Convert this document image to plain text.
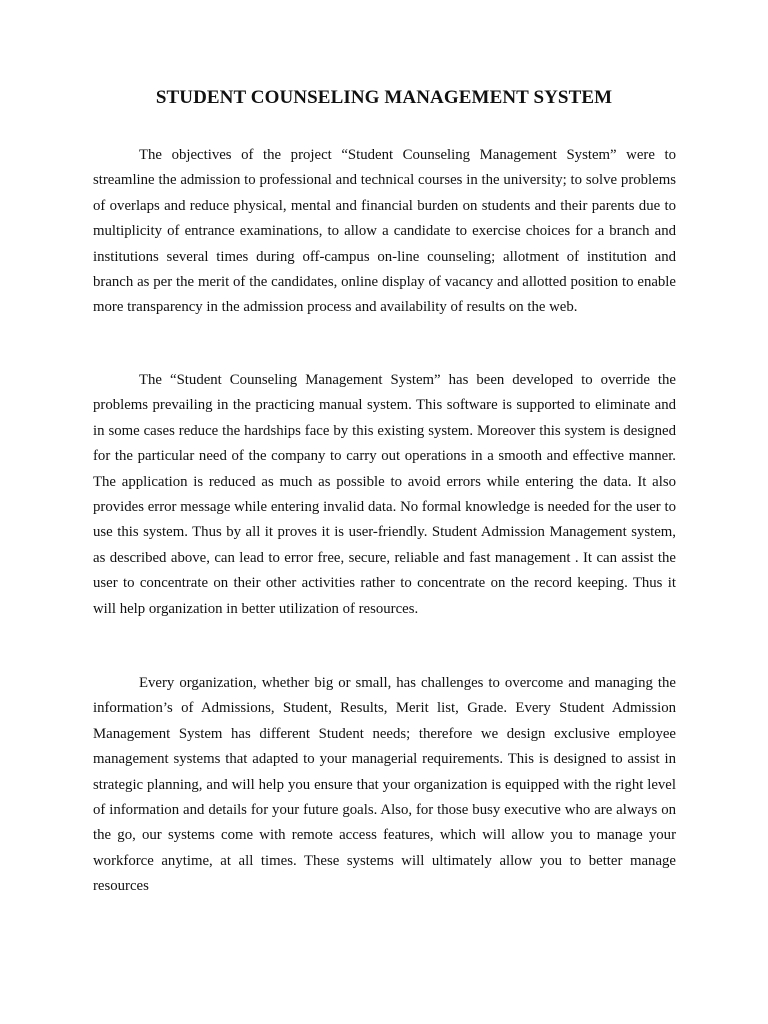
STUDENT COUNSELING MANAGEMENT SYSTEM

The objectives of the project “Student Counseling Management System” were to streamline the admission to professional and technical courses in the university; to solve problems of overlaps and reduce physical, mental and financial burden on students and their parents due to multiplicity of entrance examinations, to allow a candidate to exercise choices for a branch and institutions several times during off-campus on-line counseling; allotment of institution and branch as per the merit of the candidates, online display of vacancy and allotted position to enable more transparency in the admission process and availability of results on the web.

The “Student Counseling Management System” has been developed to override the problems prevailing in the practicing manual system. This software is supported to eliminate and in some cases reduce the hardships face by this existing system. Moreover this system is designed for the particular need of the company to carry out operations in a smooth and effective manner. The application is reduced as much as possible to avoid errors while entering the data. It also provides error message while entering invalid data. No formal knowledge is needed for the user to use this system. Thus by all it proves it is user-friendly. Student Admission Management system, as described above, can lead to error free, secure, reliable and fast management . It can assist the user to concentrate on their other activities rather to concentrate on the record keeping. Thus it will help organization in better utilization of resources.

Every organization, whether big or small, has challenges to overcome and managing the information’s of Admissions, Student, Results, Merit list, Grade. Every Student Admission Management System has different Student needs; therefore we design exclusive employee management systems that adapted to your managerial requirements. This is designed to assist in strategic planning, and will help you ensure that your organization is equipped with the right level of information and details for your future goals. Also, for those busy executive who are always on the go, our systems come with remote access features, which will allow you to manage your workforce anytime, at all times. These systems will ultimately allow you to better manage resources
